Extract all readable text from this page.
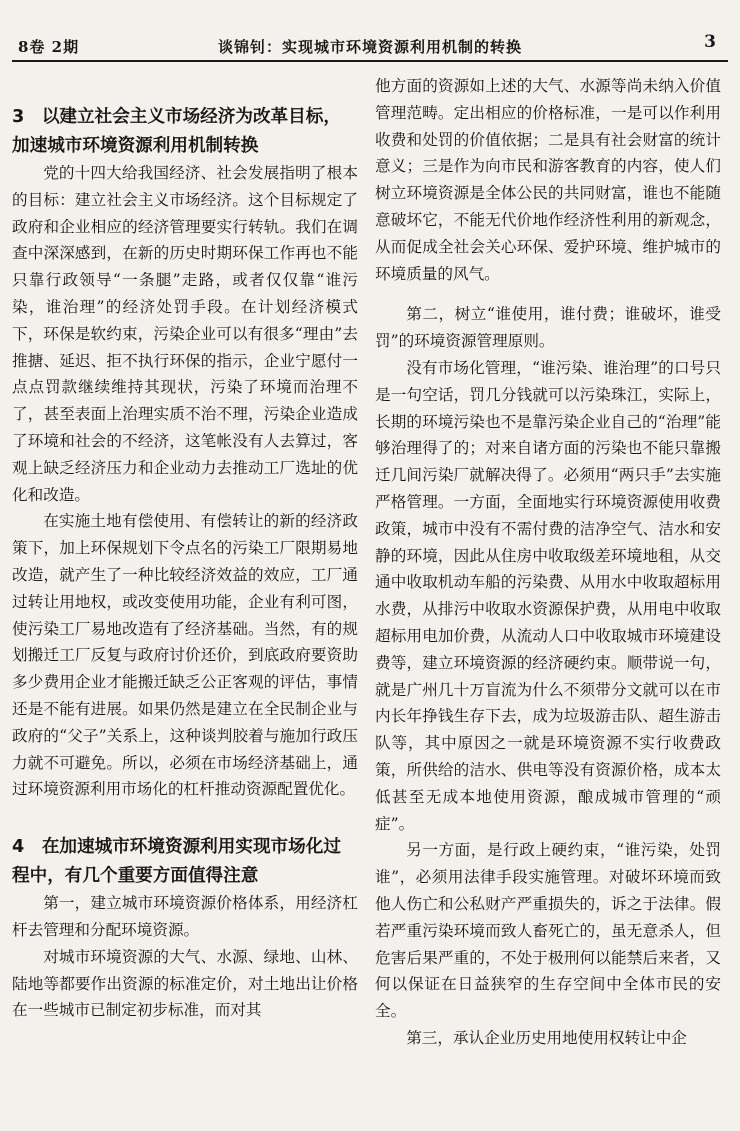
8卷 2期	谈锦钊：实现城市环境资源利用机制的转换	3
3　以建立社会主义市场经济为改革目标，加速城市环境资源利用机制转换

党的十四大给我国经济、社会发展指明了根本的目标：建立社会主义市场经济。这个目标规定了政府和企业相应的经济管理要实行转轨。我们在调查中深深感到，在新的历史时期环保工作再也不能只靠行政领导“一条腿”走路，或者仅仅靠“谁污染，谁治理”的经济处罚手段。在计划经济模式下，环保是软约束，污染企业可以有很多“理由”去推搪、延迟、拒不执行环保的指示，企业宁愿付一点点罚款继续维持其现状，污染了环境而治理不了，甚至表面上治理实质不治不理，污染企业造成了环境和社会的不经济，这笔帐没有人去算过，客观上缺乏经济压力和企业动力去推动工厂选址的优化和改造。

在实施土地有偿使用、有偿转让的新的经济政策下，加上环保规划下令点名的污染工厂限期易地改造，就产生了一种比较经济效益的效应，工厂通过转让用地权，或改变使用功能，企业有利可图，使污染工厂易地改造有了经济基础。当然，有的规划搬迁工厂反复与政府讨价还价，到底政府要资助多少费用企业才能搬迁缺乏公正客观的评估，事情还是不能有进展。如果仍然是建立在全民制企业与政府的“父子”关系上，这种谈判胶着与施加行政压力就不可避免。所以，必须在市场经济基础上，通过环境资源利用市场化的杠杆推动资源配置优化。

4　在加速城市环境资源利用实现市场化过程中，有几个重要方面值得注意

第一，建立城市环境资源价格体系，用经济杠杆去管理和分配环境资源。

对城市环境资源的大气、水源、绿地、山林、陆地等都要作出资源的标准定价，对土地出让价格在一些城市已制定初步标准，而对其

他方面的资源如上述的大气、水源等尚未纳入价值管理范畴。定出相应的价格标准，一是可以作利用收费和处罚的价值依据；二是具有社会财富的统计意义；三是作为向市民和游客教育的内容，使人们树立环境资源是全体公民的共同财富，谁也不能随意破坏它，不能无代价地作经济性利用的新观念，从而促成全社会关心环保、爱护环境、维护城市的环境质量的风气。

第二，树立“谁使用，谁付费；谁破坏，谁受罚”的环境资源管理原则。

没有市场化管理，“谁污染、谁治理”的口号只是一句空话，罚几分钱就可以污染珠江，实际上，长期的环境污染也不是靠污染企业自己的“治理”能够治理得了的；对来自诸方面的污染也不能只靠搬迁几间污染厂就解决得了。必须用“两只手”去实施严格管理。一方面，全面地实行环境资源使用收费政策，城市中没有不需付费的洁净空气、洁水和安静的环境，因此从住房中收取级差环境地租，从交通中收取机动车船的污染费、从用水中收取超标用水费，从排污中收取水资源保护费，从用电中收取超标用电加价费，从流动人口中收取城市环境建设费等，建立环境资源的经济硬约束。顺带说一句，就是广州几十万盲流为什么不须带分文就可以在市内长年挣钱生存下去，成为垃圾游击队、超生游击队等，其中原因之一就是环境资源不实行收费政策，所供给的洁水、供电等没有资源价格，成本太低甚至无成本地使用资源，酿成城市管理的“顽症”。

另一方面，是行政上硬约束，“谁污染，处罚谁”，必须用法律手段实施管理。对破坏环境而致他人伤亡和公私财产严重损失的，诉之于法律。假若严重污染环境而致人畜死亡的，虽无意杀人，但危害后果严重的，不处于极刑何以能禁后来者，又何以保证在日益狭窄的生存空间中全体市民的安全。

第三，承认企业历史用地使用权转让中企
